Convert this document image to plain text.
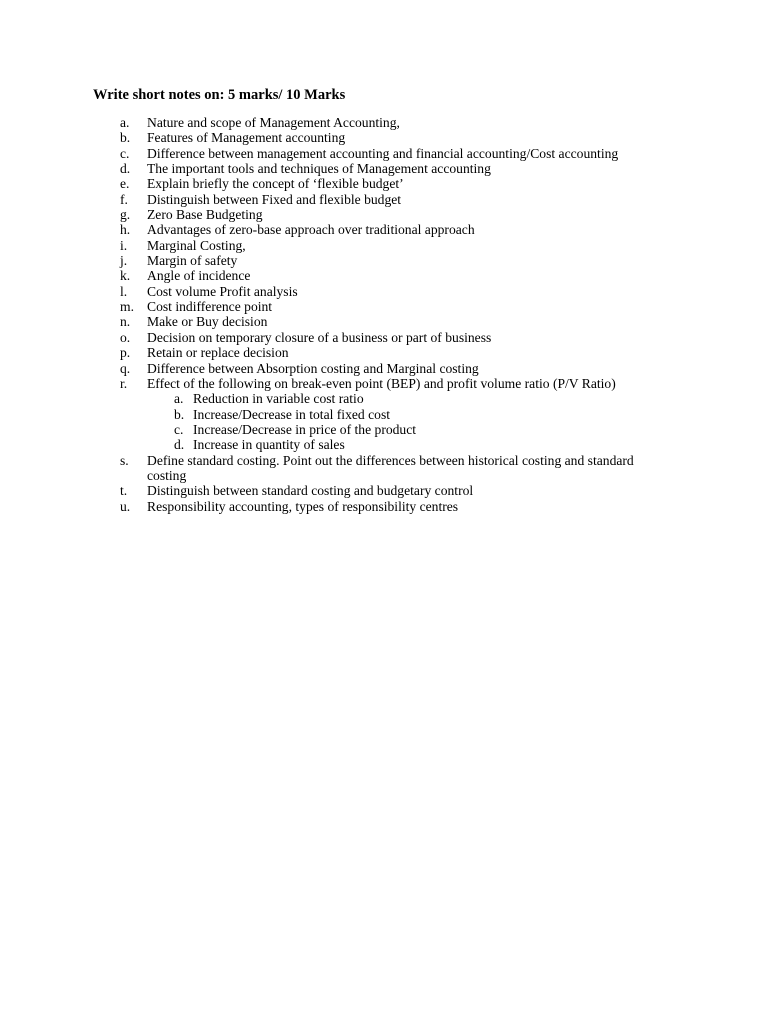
Write short notes on: 5 marks/ 10 Marks
a. Nature and scope of Management Accounting,
b. Features of Management accounting
c. Difference between management accounting and financial accounting/Cost accounting
d. The important tools and techniques of Management accounting
e. Explain briefly the concept of ‘flexible budget’
f. Distinguish between Fixed and flexible budget
g. Zero Base Budgeting
h. Advantages of zero-base approach over traditional approach
i. Marginal Costing,
j. Margin of safety
k. Angle of incidence
l. Cost volume Profit analysis
m. Cost indifference point
n. Make or Buy decision
o. Decision on temporary closure of a business or part of business
p. Retain or replace decision
q. Difference between Absorption costing and Marginal costing
r. Effect of the following on break-even point (BEP) and profit volume ratio (P/V Ratio)
a. Reduction in variable cost ratio
b. Increase/Decrease in total fixed cost
c. Increase/Decrease in price of the product
d. Increase in quantity of sales
s. Define standard costing. Point out the differences between historical costing and standard costing
t. Distinguish between standard costing and budgetary control
u. Responsibility accounting, types of responsibility centres
